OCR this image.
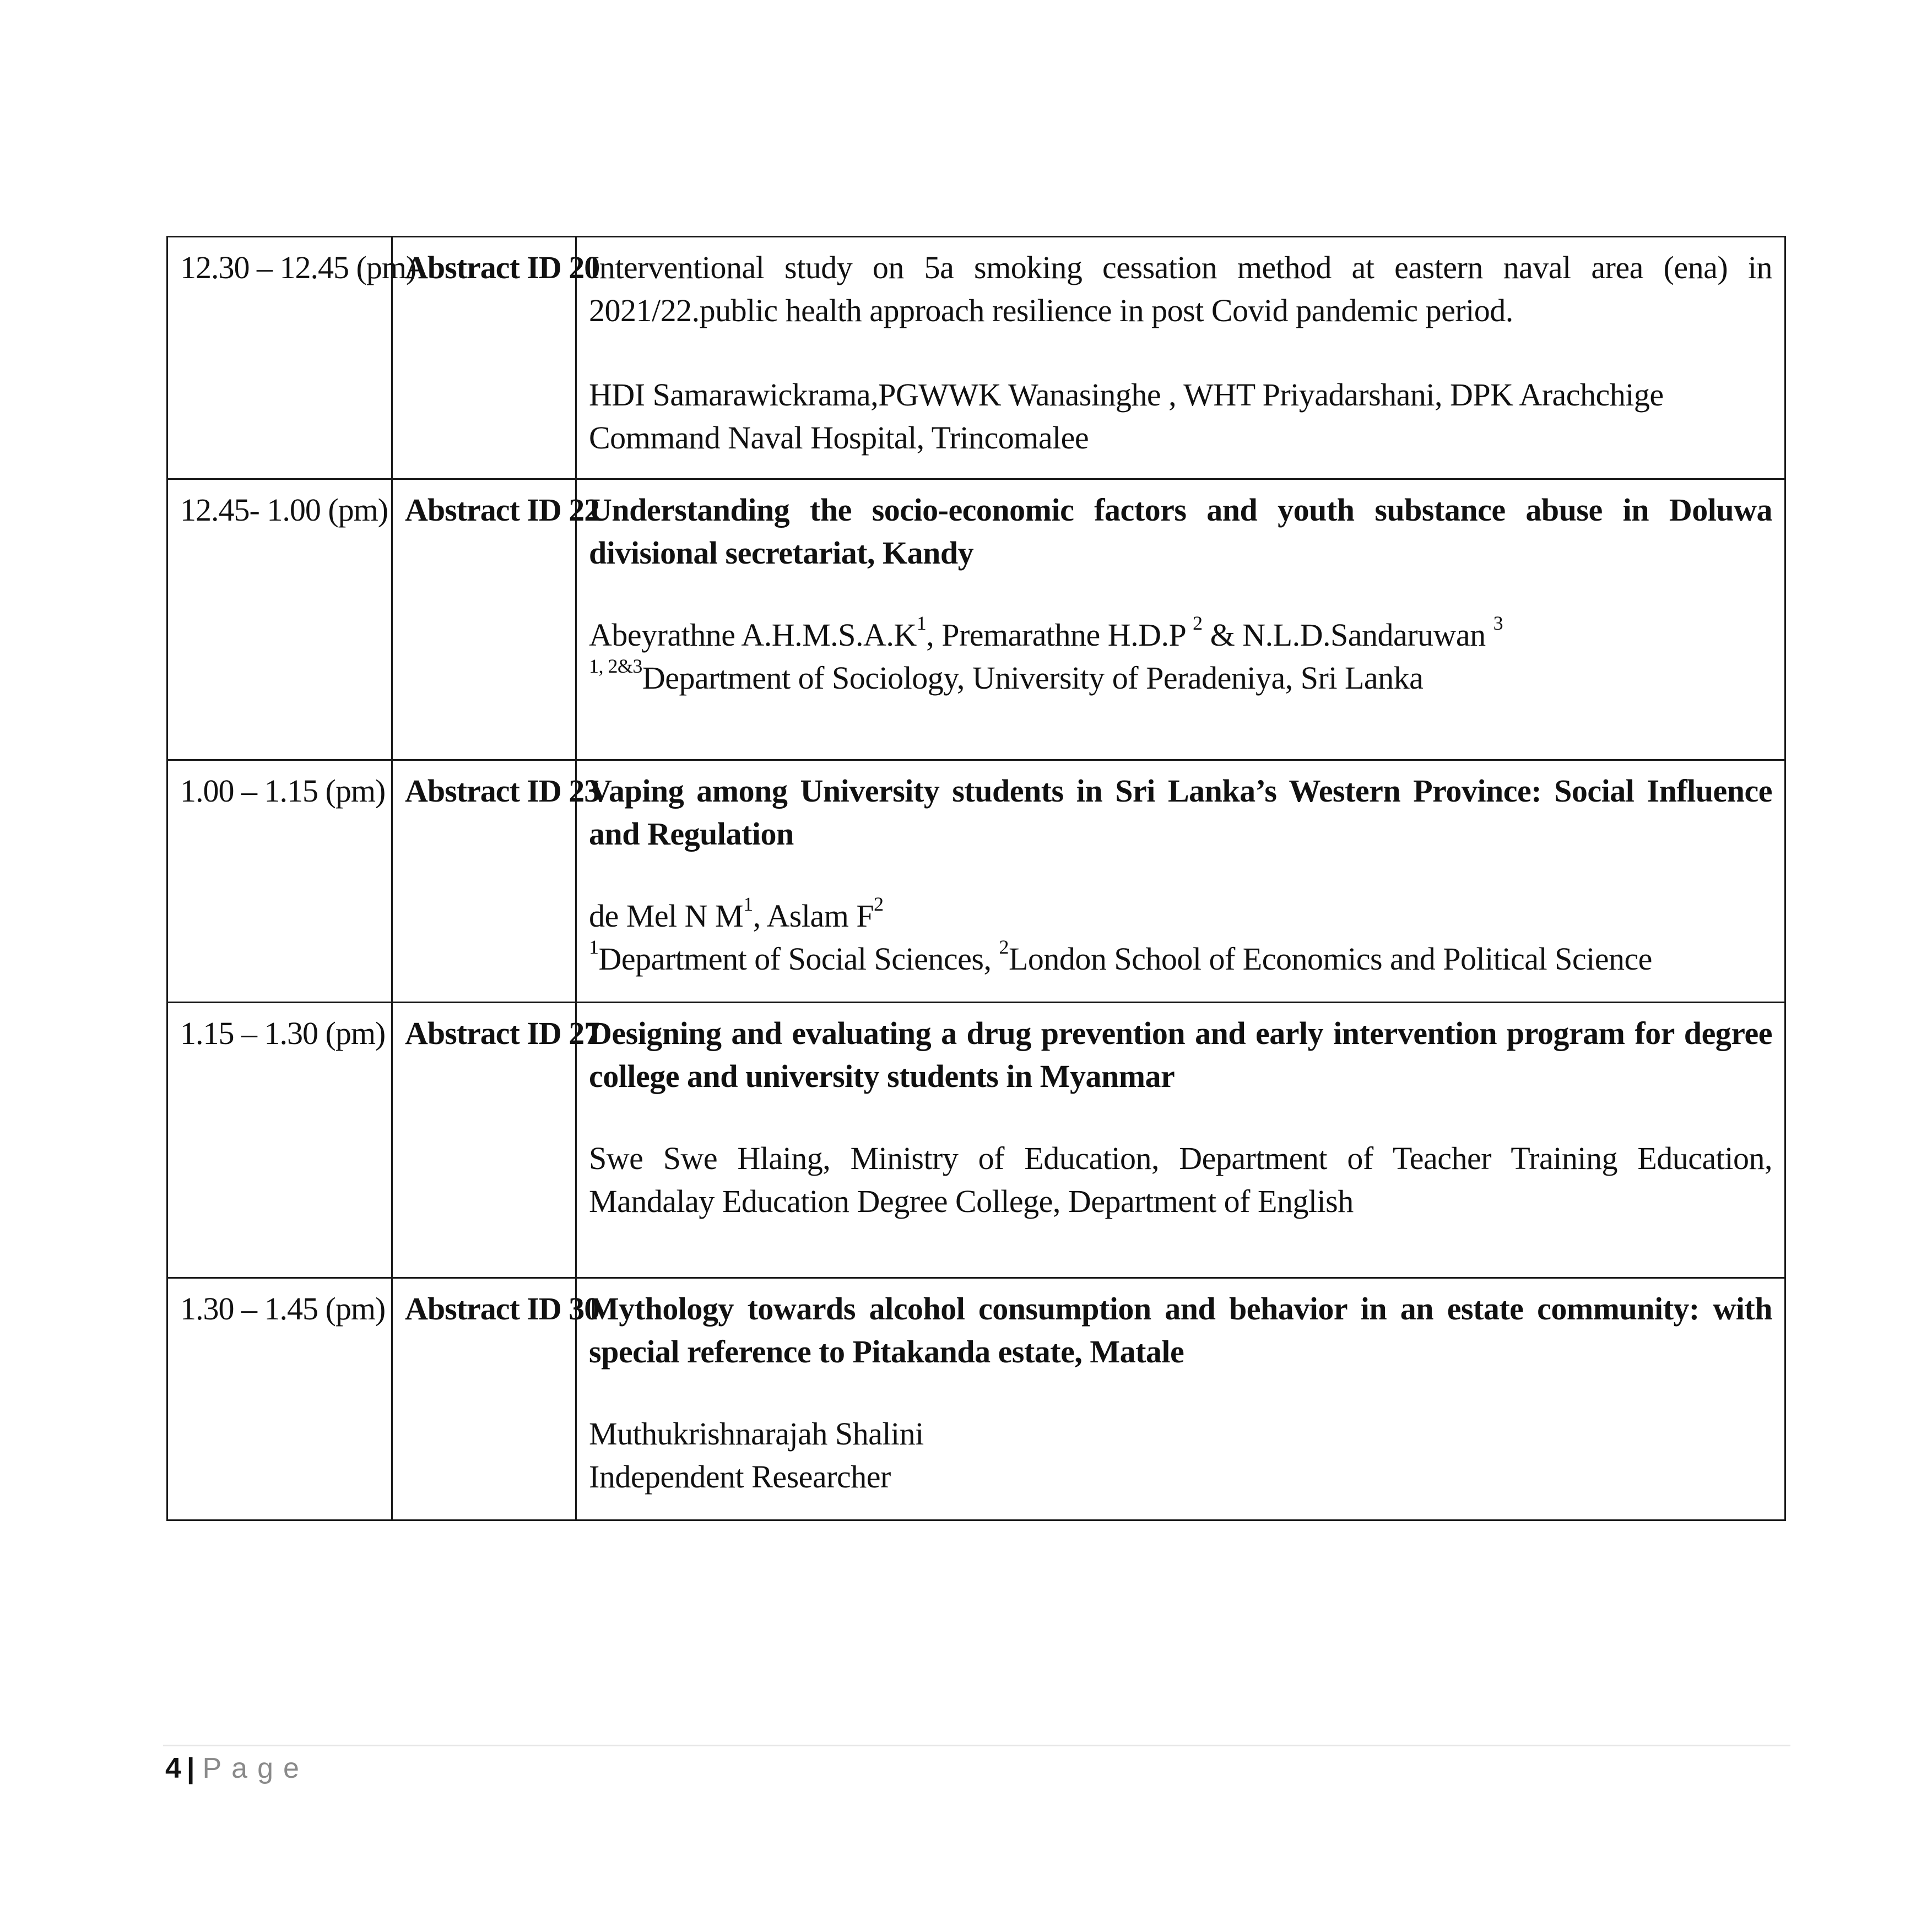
12.30 – 12.45 (pm)	Abstract ID 20	Interventional study on 5a smoking cessation method at eastern naval area (ena) in 2021/22.public health approach resilience in post Covid pandemic period.

HDI Samarawickrama,PGWWK Wanasinghe , WHT Priyadarshani, DPK Arachchige

Command Naval Hospital, Trincomalee

12.45- 1.00 (pm)	Abstract ID 22	Understanding the socio-economic factors and youth substance abuse in Doluwa divisional secretariat, Kandy

Abeyrathne $A.H.M.S.A.K^1$, Premarathne H.D.P $^2$ & N.L.D.Sandaruwan $^3$

$^{1, 2\&3}$Department of Sociology, University of Peradeniya, Sri Lanka

1.00 – 1.15 (pm)	Abstract ID 23	Vaping among University students in Sri Lanka’s Western Province: Social Influence and Regulation

de Mel N $M^1$, Aslam $F^2$

$^1$Department of Social Sciences, $^2$London School of Economics and Political Science

1.15 – 1.30 (pm)	Abstract ID 27	Designing and evaluating a drug prevention and early intervention program for degree college and university students in Myanmar

Swe Swe Hlaing, Ministry of Education, Department of Teacher Training Education, Mandalay Education Degree College, Department of English

1.30 – 1.45 (pm)	Abstract ID 30	Mythology towards alcohol consumption and behavior in an estate community: with special reference to Pitakanda estate, Matale

Muthukrishnarajah Shalini

Independent Researcher

4 | Page
